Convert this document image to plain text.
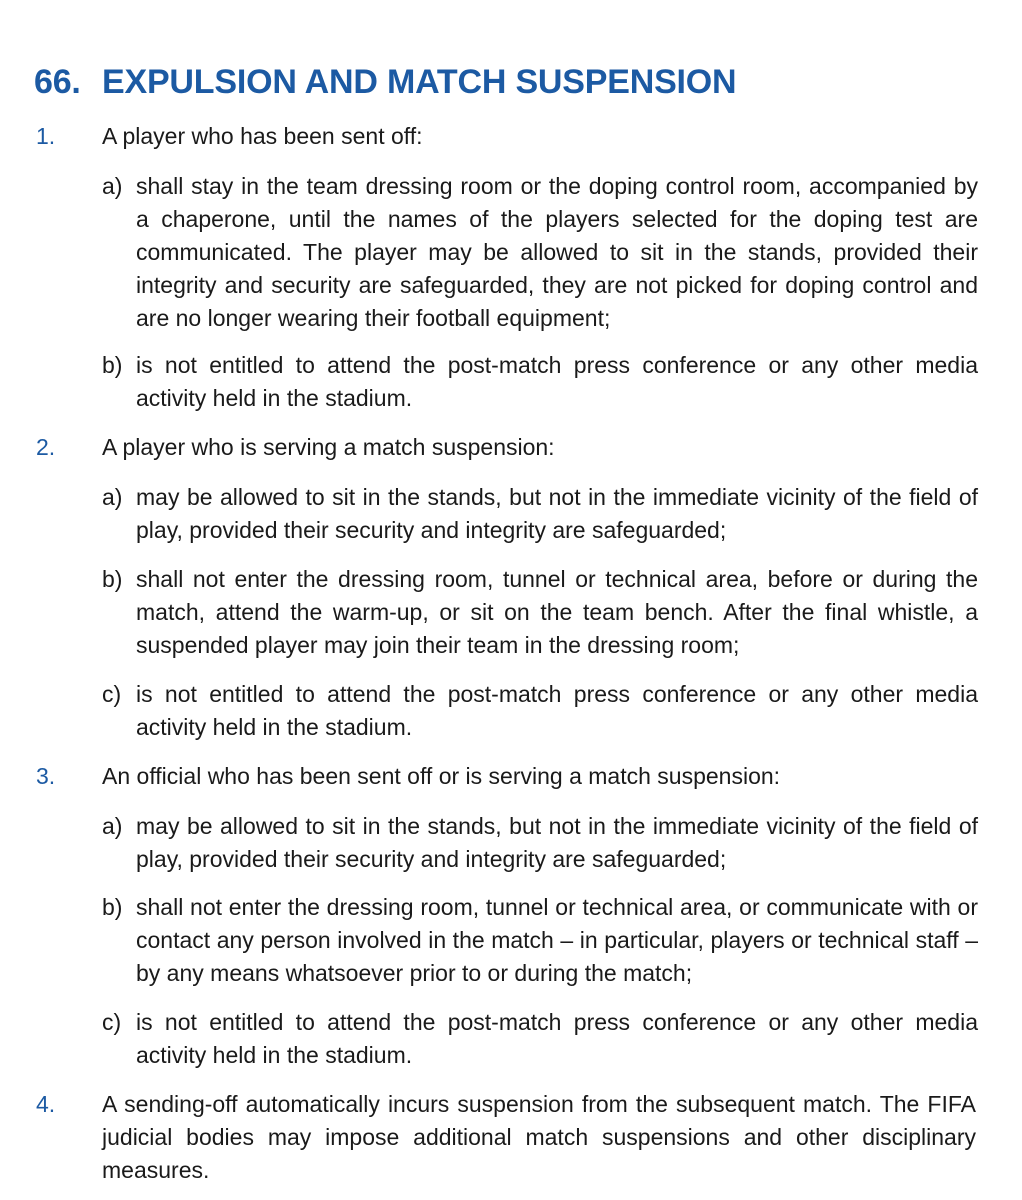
66. EXPULSION AND MATCH SUSPENSION
1. A player who has been sent off:

a) shall stay in the team dressing room or the doping control room, accompanied by a chaperone, until the names of the players selected for the doping test are communicated. The player may be allowed to sit in the stands, provided their integrity and security are safeguarded, they are not picked for doping control and are no longer wearing their football equipment;

b) is not entitled to attend the post-match press conference or any other media activity held in the stadium.

2. A player who is serving a match suspension:

a) may be allowed to sit in the stands, but not in the immediate vicinity of the field of play, provided their security and integrity are safeguarded;

b) shall not enter the dressing room, tunnel or technical area, before or during the match, attend the warm-up, or sit on the team bench. After the final whistle, a suspended player may join their team in the dressing room;

c) is not entitled to attend the post-match press conference or any other media activity held in the stadium.

3. An official who has been sent off or is serving a match suspension:

a) may be allowed to sit in the stands, but not in the immediate vicinity of the field of play, provided their security and integrity are safeguarded;

b) shall not enter the dressing room, tunnel or technical area, or communicate with or contact any person involved in the match – in particular, players or technical staff – by any means whatsoever prior to or during the match;

c) is not entitled to attend the post-match press conference or any other media activity held in the stadium.

4. A sending-off automatically incurs suspension from the subsequent match. The FIFA judicial bodies may impose additional match suspensions and other disciplinary measures.
